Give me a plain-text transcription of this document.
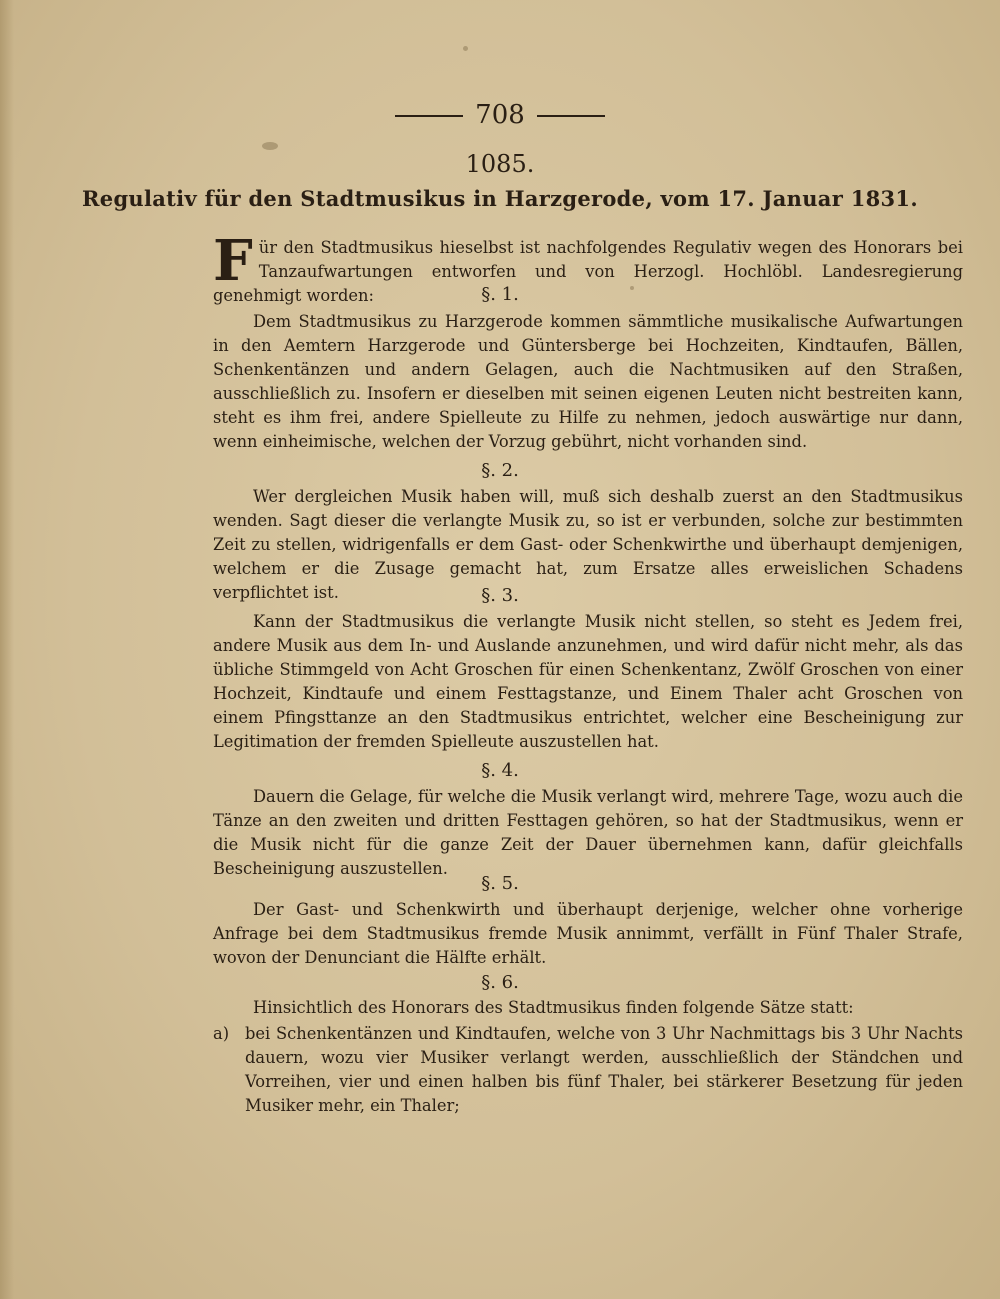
708
1085.
Regulativ für den Stadtmusikus in Harzgerode, vom 17. Januar 1831.
Für den Stadtmusikus hieselbst ist nachfolgendes Regulativ wegen des Honorars bei Tanzaufwartungen entworfen und von Herzogl. Hochlöbl. Landesregierung genehmigt worden:	§. 1.
Dem Stadtmusikus zu Harzgerode kommen sämmtliche musikalische Aufwartungen in den Aemtern Harzgerode und Güntersberge bei Hochzeiten, Kindtaufen, Bällen, Schenkentänzen und andern Gelagen, auch die Nachtmusiken auf den Straßen, ausschließlich zu. Insofern er dieselben mit seinen eigenen Leuten nicht bestreiten kann, steht es ihm frei, andere Spielleute zu Hilfe zu nehmen, jedoch auswärtige nur dann, wenn einheimische, welchen der Vorzug gebührt, nicht vorhanden sind.
§. 2.
Wer dergleichen Musik haben will, muß sich deshalb zuerst an den Stadtmusikus wenden. Sagt dieser die verlangte Musik zu, so ist er verbunden, solche zur bestimmten Zeit zu stellen, widrigenfalls er dem Gast- oder Schenkwirthe und überhaupt demjenigen, welchem er die Zusage gemacht hat, zum Ersatze alles erweislichen Schadens verpflichtet ist.	§. 3.
Kann der Stadtmusikus die verlangte Musik nicht stellen, so steht es Jedem frei, andere Musik aus dem In- und Auslande anzunehmen, und wird dafür nicht mehr, als das übliche Stimmgeld von Acht Groschen für einen Schenkentanz, Zwölf Groschen von einer Hochzeit, Kindtaufe und einem Festtagstanze, und Einem Thaler acht Groschen von einem Pfingsttanze an den Stadtmusikus entrichtet, welcher eine Bescheinigung zur Legitimation der fremden Spielleute auszustellen hat.
§. 4.
Dauern die Gelage, für welche die Musik verlangt wird, mehrere Tage, wozu auch die Tänze an den zweiten und dritten Festtagen gehören, so hat der Stadtmusikus, wenn er die Musik nicht für die ganze Zeit der Dauer übernehmen kann, dafür gleichfalls Bescheinigung auszustellen.
§. 5.
Der Gast- und Schenkwirth und überhaupt derjenige, welcher ohne vorherige Anfrage bei dem Stadtmusikus fremde Musik annimmt, verfällt in Fünf Thaler Strafe, wovon der Denunciant die Hälfte erhält.
§. 6.
Hinsichtlich des Honorars des Stadtmusikus finden folgende Sätze statt:
a) bei Schenkentänzen und Kindtaufen, welche von 3 Uhr Nachmittags bis 3 Uhr Nachts dauern, wozu vier Musiker verlangt werden, ausschließlich der Ständchen und Vorreihen, vier und einen halben bis fünf Thaler, bei stärkerer Besetzung für jeden Musiker mehr, ein Thaler;
